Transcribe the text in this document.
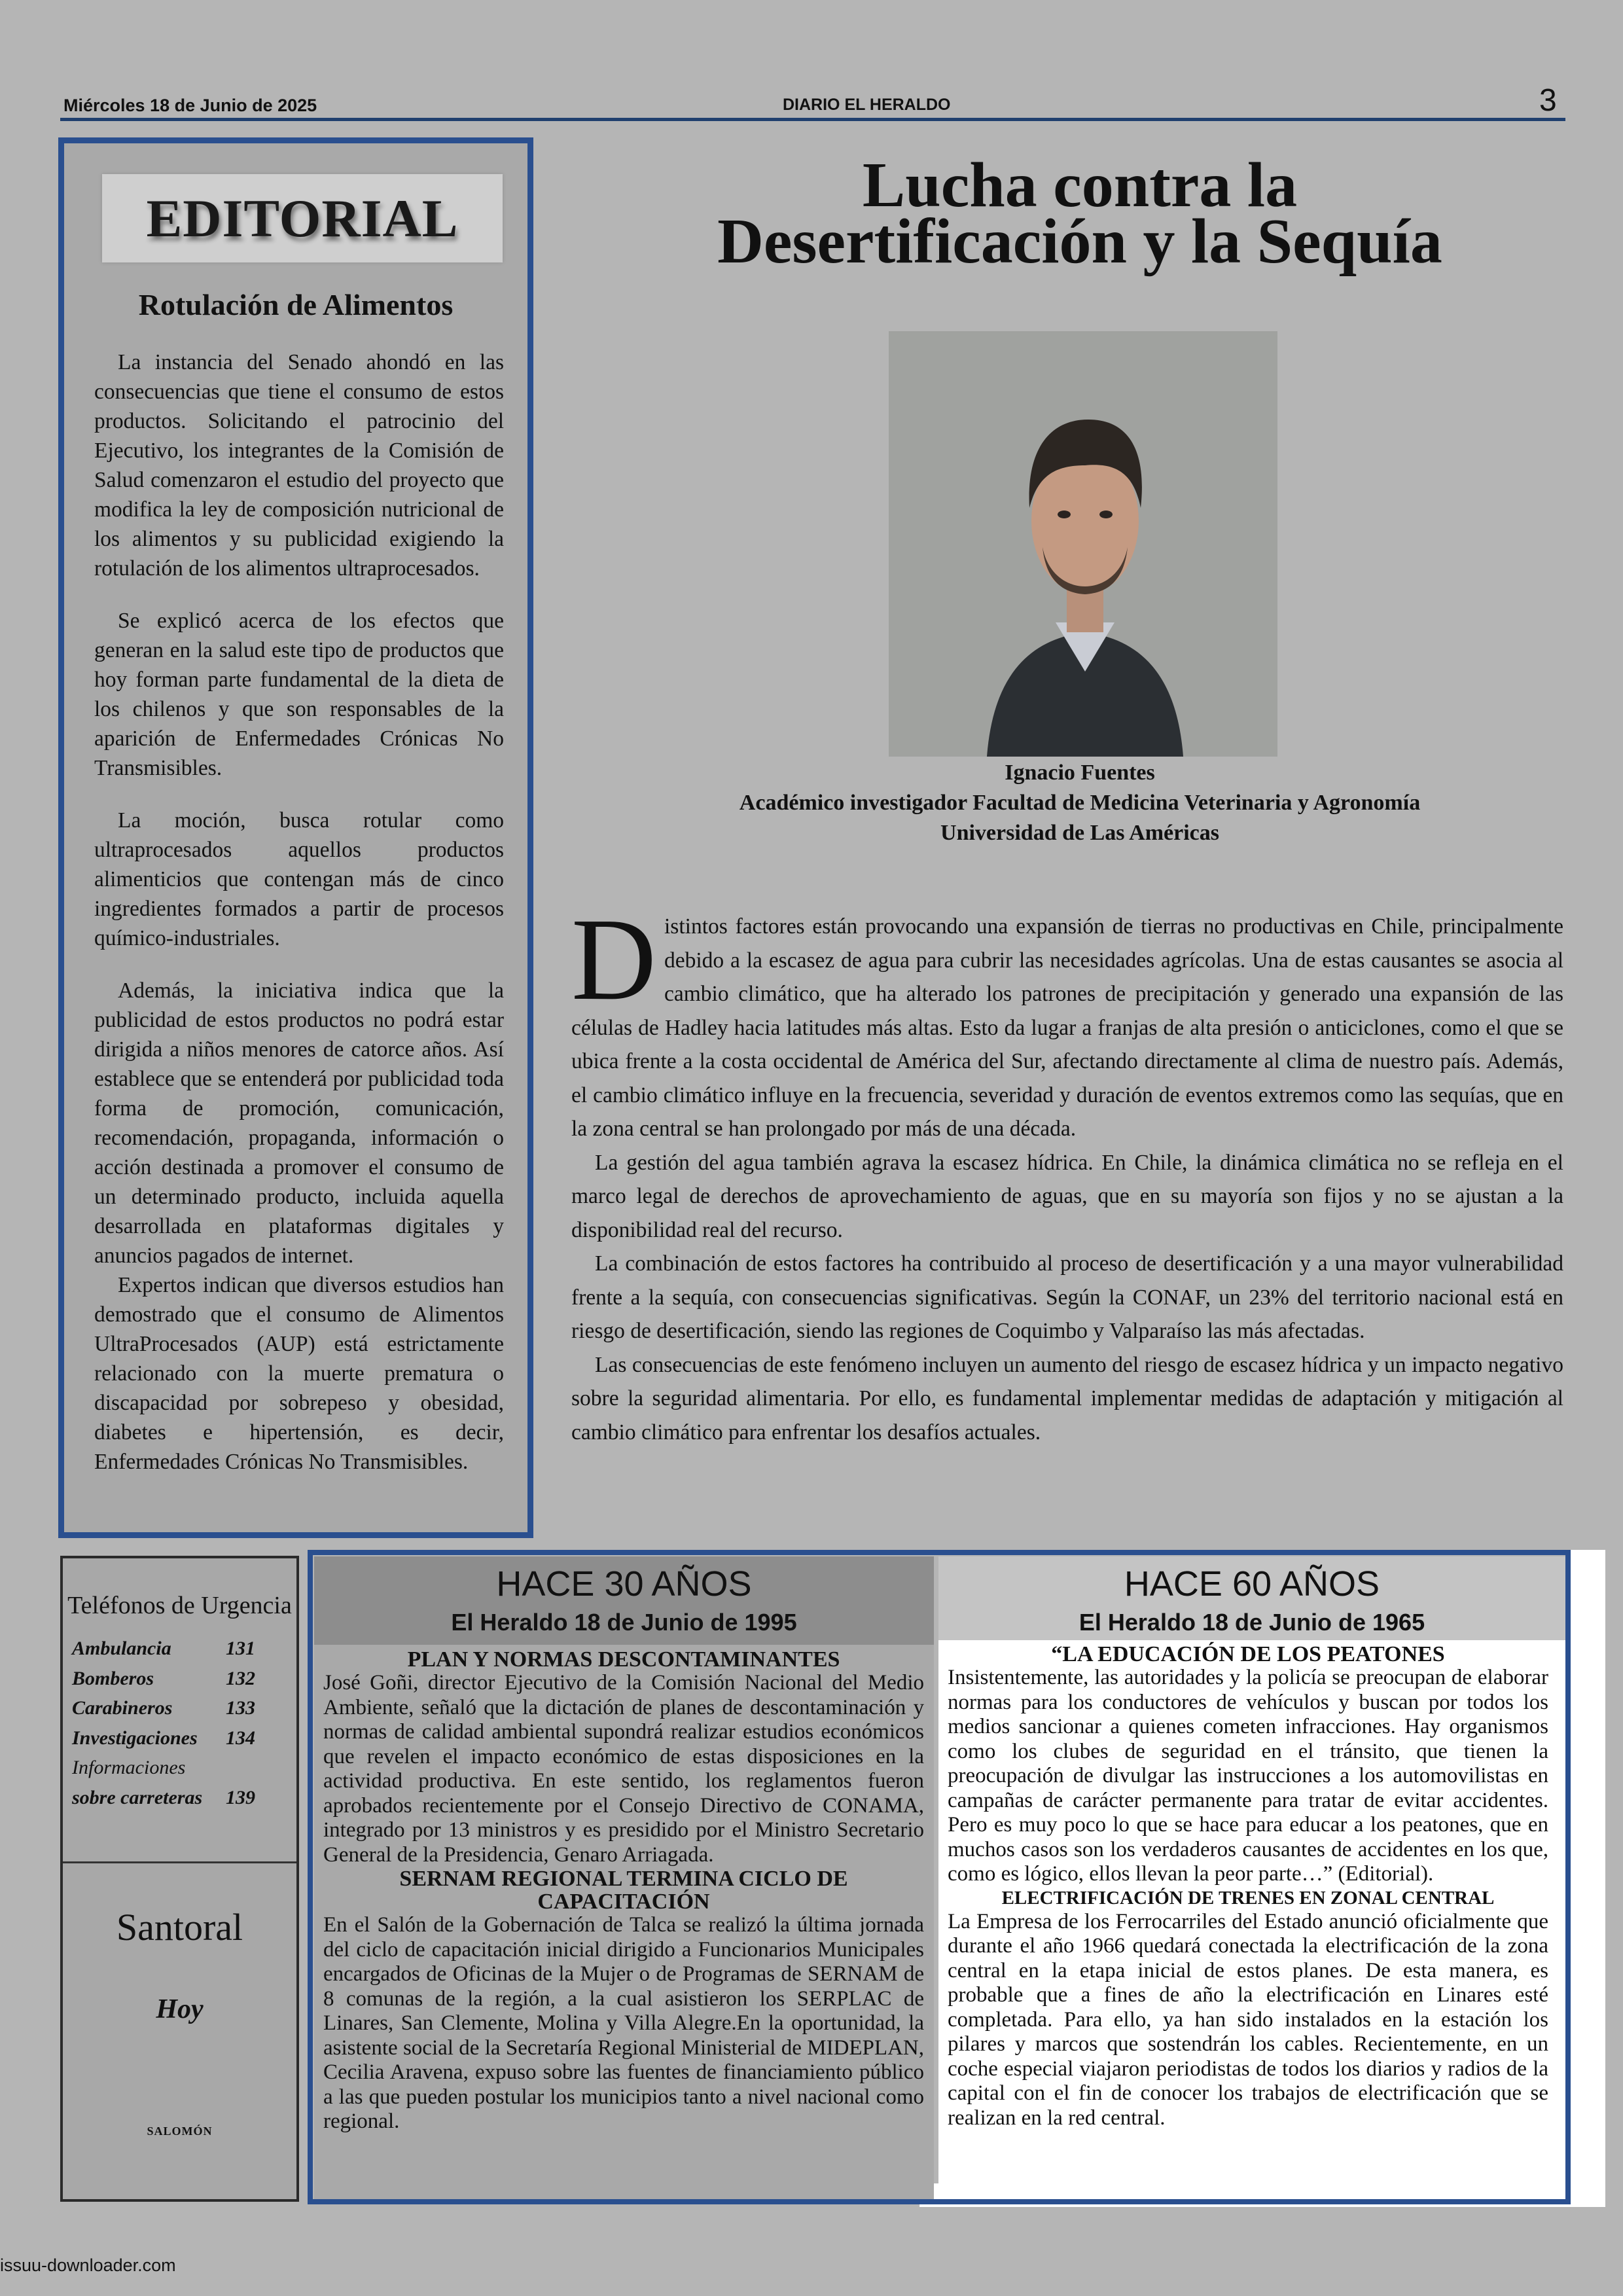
Miércoles 18 de Junio de 2025	DIARIO EL HERALDO	3
EDITORIAL
Rotulación de Alimentos

La instancia del Senado ahondó en las consecuencias que tiene el consumo de estos productos. Solicitando el patrocinio del Ejecutivo, los integrantes de la Comisión de Salud comenzaron el estudio del proyecto que modifica la ley de composición nutricional de los alimentos y su publicidad exigiendo la rotulación de los alimentos ultraprocesados.

Se explicó acerca de los efectos que generan en la salud este tipo de productos que hoy forman parte fundamental de la dieta de los chilenos y que son responsables de la aparición de Enfermedades Crónicas No Transmisibles.

La moción, busca rotular como ultraprocesados aquellos productos alimenticios que contengan más de cinco ingredientes formados a partir de procesos químico-industriales.

Además, la iniciativa indica que la publicidad de estos productos no podrá estar dirigida a niños menores de catorce años. Así establece que se entenderá por publicidad toda forma de promoción, comunicación, recomendación, propaganda, información o acción destinada a promover el consumo de un determinado producto, incluida aquella desarrollada en plataformas digitales y anuncios pagados de internet.

Expertos indican que diversos estudios han demostrado que el consumo de Alimentos UltraProcesados (AUP) está estrictamente relacionado con la muerte prematura o discapacidad por sobrepeso y obesidad, diabetes e hipertensión, es decir, Enfermedades Crónicas No Transmisibles.

Lucha contra la
Desertificación y la Sequía
Ignacio Fuentes
Académico investigador Facultad de Medicina Veterinaria y Agronomía
Universidad de Las Américas

Distintos factores están provocando una expansión de tierras no productivas en Chile, principalmente debido a la escasez de agua para cubrir las necesidades agrícolas. Una de estas causantes se asocia al cambio climático, que ha alterado los patrones de precipitación y generado una expansión de las células de Hadley hacia latitudes más altas. Esto da lugar a franjas de alta presión o anticiclones, como el que se ubica frente a la costa occidental de América del Sur, afectando directamente al clima de nuestro país. Además, el cambio climático influye en la frecuencia, severidad y duración de eventos extremos como las sequías, que en la zona central se han prolongado por más de una década.

La gestión del agua también agrava la escasez hídrica. En Chile, la dinámica climática no se refleja en el marco legal de derechos de aprovechamiento de aguas, que en su mayoría son fijos y no se ajustan a la disponibilidad real del recurso.

La combinación de estos factores ha contribuido al proceso de desertificación y a una mayor vulnerabilidad frente a la sequía, con consecuencias significativas. Según la CONAF, un 23% del territorio nacional está en riesgo de desertificación, siendo las regiones de Coquimbo y Valparaíso las más afectadas.

Las consecuencias de este fenómeno incluyen un aumento del riesgo de escasez hídrica y un impacto negativo sobre la seguridad alimentaria. Por ello, es fundamental implementar medidas de adaptación y mitigación al cambio climático para enfrentar los desafíos actuales.

Teléfonos de Urgencia
Ambulancia	131
Bomberos	132
Carabineros	133
Investigaciones	134
Informaciones
sobre carreteras	139
Santoral
Hoy
SALOMÓN
HACE 30 AÑOS
El Heraldo 18 de Junio de 1995

PLAN Y NORMAS DESCONTAMINANTES

José Goñi, director Ejecutivo de la Comisión Nacional del Medio Ambiente, señaló que la dictación de planes de descontaminación y normas de calidad ambiental supondrá realizar estudios económicos que revelen el impacto económico de estas disposiciones en la actividad productiva. En este sentido, los reglamentos fueron aprobados recientemente por el Consejo Directivo de CONAMA, integrado por 13 ministros y es presidido por el Ministro Secretario General de la Presidencia, Genaro Arriagada.

SERNAM REGIONAL TERMINA CICLO DE CAPACITACIÓN

En el Salón de la Gobernación de Talca se realizó la última jornada del ciclo de capacitación inicial dirigido a Funcionarios Municipales encargados de Oficinas de la Mujer o de Programas de SERNAM de 8 comunas de la región, a la cual asistieron los SERPLAC de Linares, San Clemente, Molina y Villa Alegre.En la oportunidad, la asistente social de la Secretaría Regional Ministerial de MIDEPLAN, Cecilia Aravena, expuso sobre las fuentes de financiamiento público a las que pueden postular los municipios tanto a nivel nacional como regional.

HACE 60 AÑOS
El Heraldo 18 de Junio de 1965

“LA EDUCACIÓN DE LOS PEATONES

Insistentemente, las autoridades y la policía se preocupan de elaborar normas para los conductores de vehículos y buscan por todos los medios sancionar a quienes cometen infracciones. Hay organismos como los clubes de seguridad en el tránsito, que tienen la preocupación de divulgar las instrucciones a los automovilistas en campañas de carácter permanente para tratar de evitar accidentes. Pero es muy poco lo que se hace para educar a los peatones, que en muchos casos son los verdaderos causantes de accidentes en los que, como es lógico, ellos llevan la peor parte…” (Editorial).

ELECTRIFICACIÓN DE TRENES EN ZONAL CENTRAL

La Empresa de los Ferrocarriles del Estado anunció oficialmente que durante el año 1966 quedará conectada la electrificación de la zona central en la etapa inicial de estos planes. De esta manera, es probable que a fines de año la electrificación en Linares esté completada. Para ello, ya han sido instalados en la estación los pilares y marcos que sostendrán los cables. Recientemente, en un coche especial viajaron periodistas de todos los diarios y radios de la capital con el fin de conocer los trabajos de electrificación que se realizan en la red central.

issuu-downloader.com
